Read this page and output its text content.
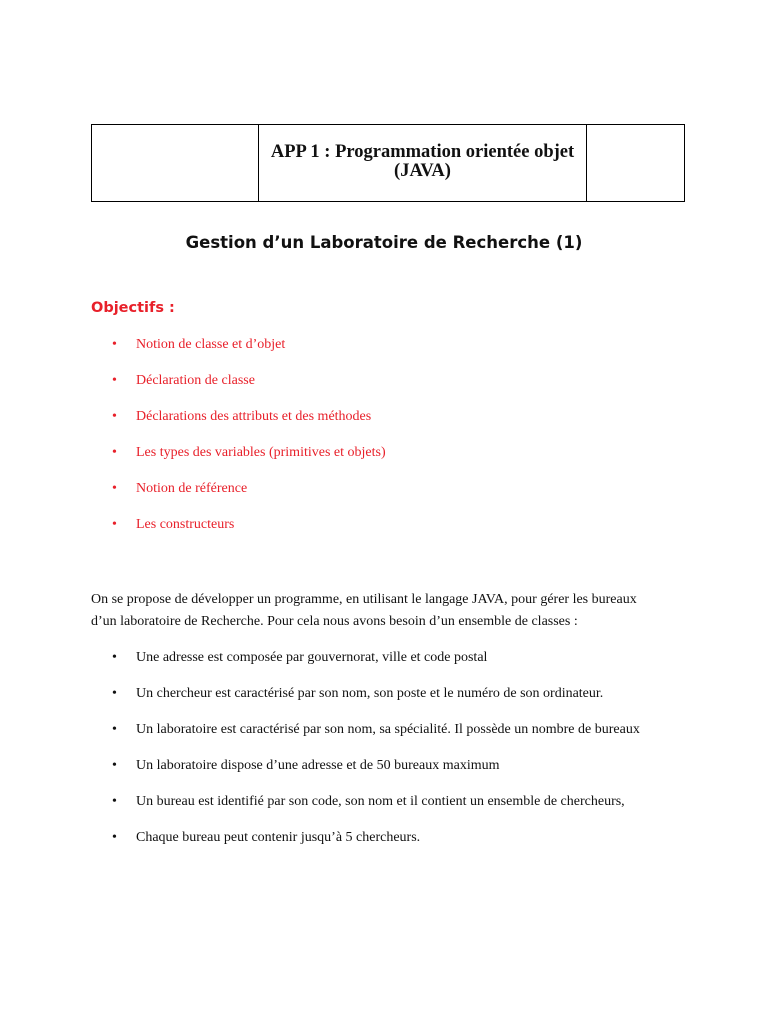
APP 1 : Programmation orientée objet
(JAVA)

Gestion d’un Laboratoire de Recherche (1)
Objectifs :
• Notion de classe et d’objet
• Déclaration de classe
• Déclarations des attributs et des méthodes
• Les types des variables (primitives et objets)
• Notion de référence
• Les constructeurs

On se propose de développer un programme, en utilisant le langage JAVA, pour gérer les bureaux
d’un laboratoire de Recherche. Pour cela nous avons besoin d’un ensemble de classes :

• Une adresse est composée par gouvernorat, ville et code postal
• Un chercheur est caractérisé par son nom, son poste et le numéro de son ordinateur.
• Un laboratoire est caractérisé par son nom, sa spécialité. Il possède un nombre de bureaux
• Un laboratoire dispose d’une adresse et de 50 bureaux maximum
• Un bureau est identifié par son code, son nom et il contient un ensemble de chercheurs,
• Chaque bureau peut contenir jusqu’à 5 chercheurs.
